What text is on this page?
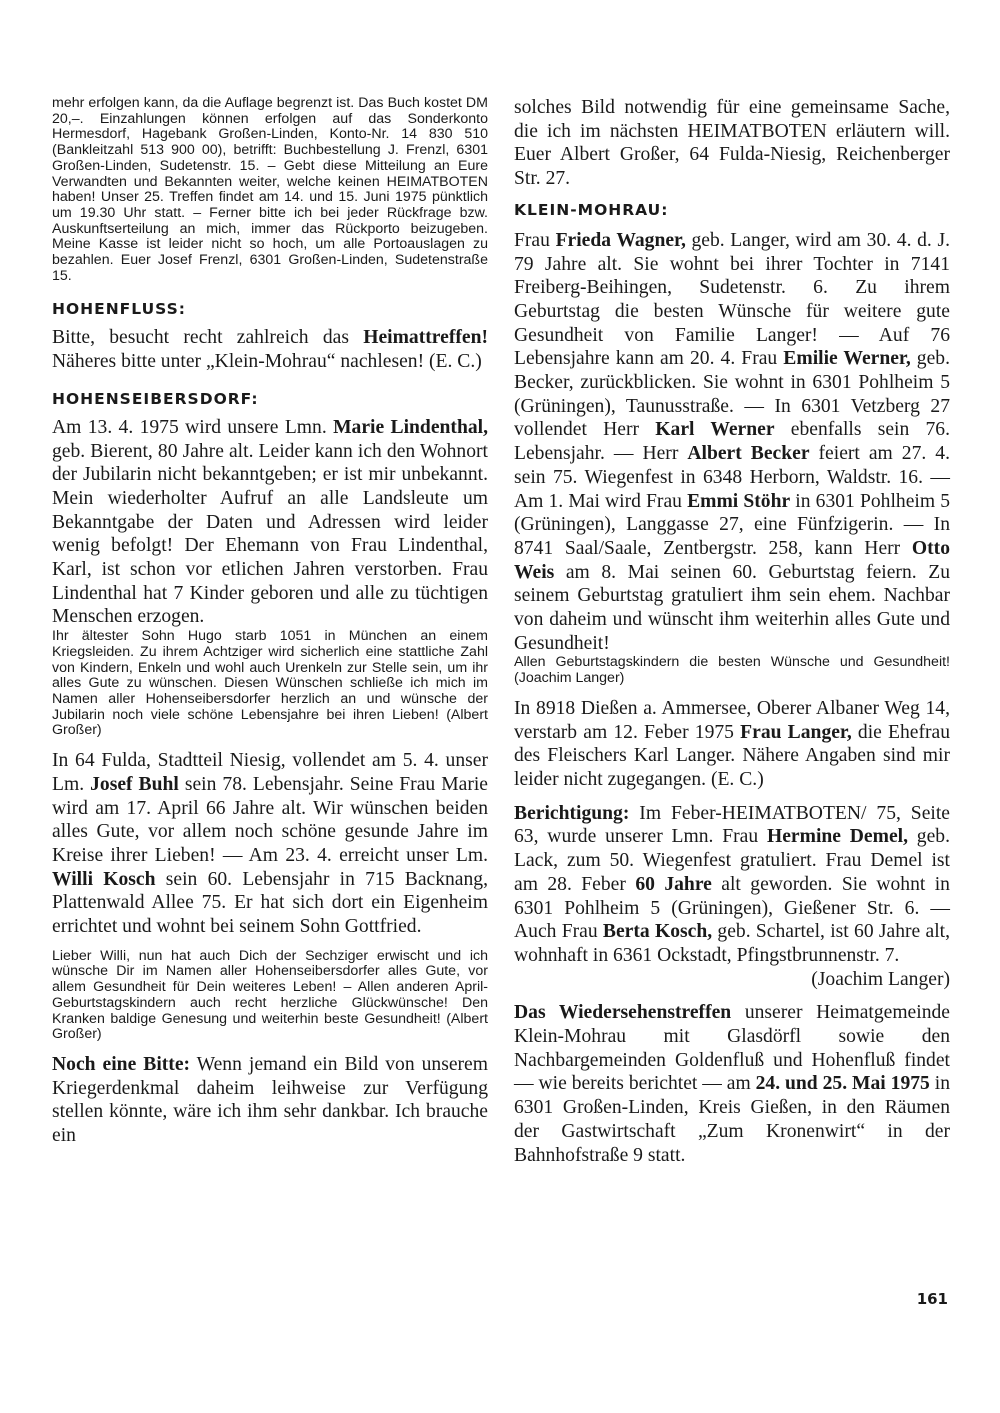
mehr erfolgen kann, da die Auflage begrenzt ist. Das Buch kostet DM 20,–. Einzahlungen können erfolgen auf das Sonderkonto Hermesdorf, Hagebank Großen-Linden, Konto-Nr. 14 830 510 (Bankleitzahl 513 900 00), betrifft: Buchbestellung J. Frenzl, 6301 Großen-Linden, Sudetenstr. 15. – Gebt diese Mitteilung an Eure Verwandten und Bekannten weiter, welche keinen HEIMATBOTEN haben! Unser 25. Treffen findet am 14. und 15. Juni 1975 pünktlich um 19.30 Uhr statt. – Ferner bitte ich bei jeder Rückfrage bzw. Auskunftserteilung an mich, immer das Rückporto beizugeben. Meine Kasse ist leider nicht so hoch, um alle Portoauslagen zu bezahlen. Euer Josef Frenzl, 6301 Großen-Linden, Sudetenstraße 15.

HOHENFLUSS:

Bitte, besucht recht zahlreich das Heimattreffen! Näheres bitte unter „Klein-Mohrau“ nachlesen! (E. C.)

HOHENSEIBERSDORF:

Am 13. 4. 1975 wird unsere Lmn. Marie Lindenthal, geb. Bierent, 80 Jahre alt. Leider kann ich den Wohnort der Jubilarin nicht bekanntgeben; er ist mir unbekannt. Mein wiederholter Aufruf an alle Landsleute um Bekanntgabe der Daten und Adressen wird leider wenig befolgt! Der Ehemann von Frau Lindenthal, Karl, ist schon vor etlichen Jahren verstorben. Frau Lindenthal hat 7 Kinder geboren und alle zu tüchtigen Menschen erzogen.

Ihr ältester Sohn Hugo starb 1051 in München an einem Kriegsleiden. Zu ihrem Achtziger wird sicherlich eine stattliche Zahl von Kindern, Enkeln und wohl auch Urenkeln zur Stelle sein, um ihr alles Gute zu wünschen. Diesen Wünschen schließe ich mich im Namen aller Hohenseibersdorfer herzlich an und wünsche der Jubilarin noch viele schöne Lebensjahre bei ihren Lieben! (Albert Großer)

In 64 Fulda, Stadtteil Niesig, vollendet am 5. 4. unser Lm. Josef Buhl sein 78. Lebensjahr. Seine Frau Marie wird am 17. April 66 Jahre alt. Wir wünschen beiden alles Gute, vor allem noch schöne gesunde Jahre im Kreise ihrer Lieben! — Am 23. 4. erreicht unser Lm. Willi Kosch sein 60. Lebensjahr in 715 Backnang, Plattenwald Allee 75. Er hat sich dort ein Eigenheim errichtet und wohnt bei seinem Sohn Gottfried.

Lieber Willi, nun hat auch Dich der Sechziger erwischt und ich wünsche Dir im Namen aller Hohenseibersdorfer alles Gute, vor allem Gesundheit für Dein weiteres Leben! – Allen anderen April-Geburtstagskindern auch recht herzliche Glückwünsche! Den Kranken baldige Genesung und weiterhin beste Gesundheit! (Albert Großer)

Noch eine Bitte: Wenn jemand ein Bild von unserem Kriegerdenkmal daheim leihweise zur Verfügung stellen könnte, wäre ich ihm sehr dankbar. Ich brauche ein

solches Bild notwendig für eine gemeinsame Sache, die ich im nächsten HEIMATBOTEN erläutern will. Euer Albert Großer, 64 Fulda-Niesig, Reichenberger Str. 27.

KLEIN-MOHRAU:

Frau Frieda Wagner, geb. Langer, wird am 30. 4. d. J. 79 Jahre alt. Sie wohnt bei ihrer Tochter in 7141 Freiberg-Beihingen, Sudetenstr. 6. Zu ihrem Geburtstag die besten Wünsche für weitere gute Gesundheit von Familie Langer! — Auf 76 Lebensjahre kann am 20. 4. Frau Emilie Werner, geb. Becker, zurückblicken. Sie wohnt in 6301 Pohlheim 5 (Grüningen), Taunusstraße. — In 6301 Vetzberg 27 vollendet Herr Karl Werner ebenfalls sein 76. Lebensjahr. — Herr Albert Becker feiert am 27. 4. sein 75. Wiegenfest in 6348 Herborn, Waldstr. 16. — Am 1. Mai wird Frau Emmi Stöhr in 6301 Pohlheim 5 (Grüningen), Langgasse 27, eine Fünfzigerin. — In 8741 Saal/Saale, Zentbergstr. 258, kann Herr Otto Weis am 8. Mai seinen 60. Geburtstag feiern. Zu seinem Geburtstag gratuliert ihm sein ehem. Nachbar von daheim und wünscht ihm weiterhin alles Gute und Gesundheit!

Allen Geburtstagskindern die besten Wünsche und Gesundheit! (Joachim Langer)

In 8918 Dießen a. Ammersee, Oberer Albaner Weg 14, verstarb am 12. Feber 1975 Frau Langer, die Ehefrau des Fleischers Karl Langer. Nähere Angaben sind mir leider nicht zugegangen. (E. C.)

Berichtigung: Im Feber-HEIMATBOTEN/ 75, Seite 63, wurde unserer Lmn. Frau Hermine Demel, geb. Lack, zum 50. Wiegenfest gratuliert. Frau Demel ist am 28. Feber 60 Jahre alt geworden. Sie wohnt in 6301 Pohlheim 5 (Grüningen), Gießener Str. 6. — Auch Frau Berta Kosch, geb. Schartel, ist 60 Jahre alt, wohnhaft in 6361 Ockstadt, Pfingstbrunnenstr. 7.

(Joachim Langer)

Das Wiedersehenstreffen unserer Heimatgemeinde Klein-Mohrau mit Glasdörfl sowie den Nachbargemeinden Goldenfluß und Hohenfluß findet — wie bereits berichtet — am 24. und 25. Mai 1975 in 6301 Großen-Linden, Kreis Gießen, in den Räumen der Gastwirtschaft „Zum Kronenwirt“ in der Bahnhofstraße 9 statt.

161
